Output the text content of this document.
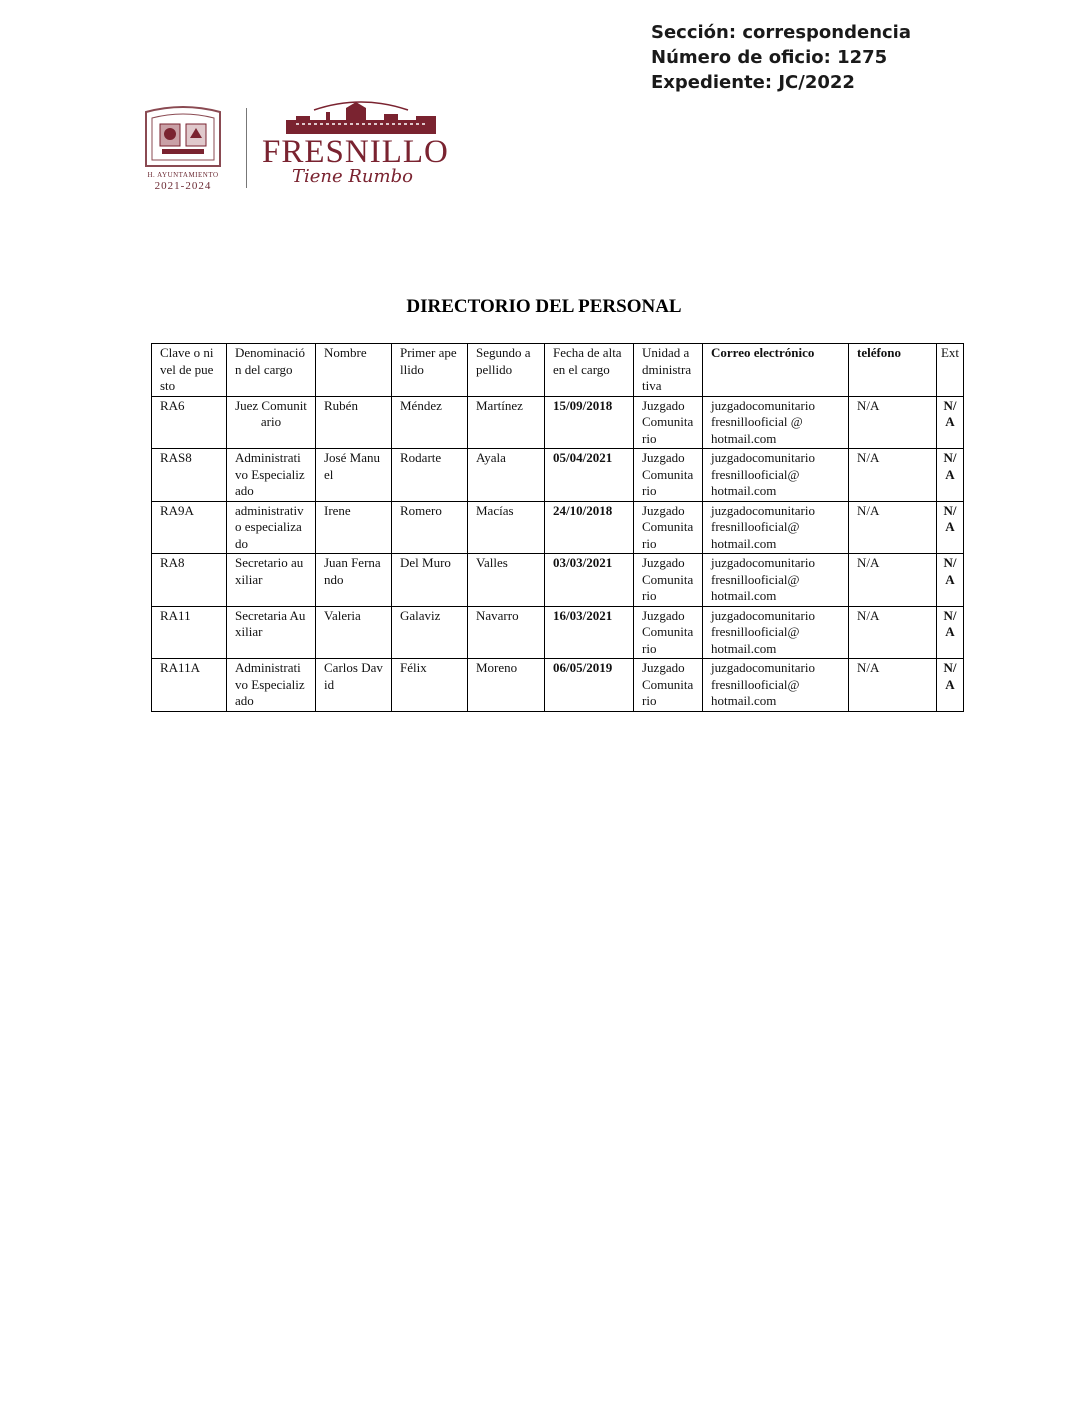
Sección: correspondencia
Número de oficio: 1275
Expediente: JC/2022
H. AYUNTAMIENTO
2021-2024
FRESNILLO
Tiene Rumbo
DIRECTORIO DEL PERSONAL
Clave o nivel de puesto	Denominación del cargo	Nombre	Primer apellido	Segundo apellido	Fecha de alta en el cargo	Unidad administrativa	Correo electrónico	teléfono	Ext
RA6	Juez Comunitario	Rubén	Méndez	Martínez	15/09/2018	Juzgado Comunitario	juzgadocomunitario fresnillooficial @ hotmail.com	N/A	N/A
RAS8	Administrativo Especializado	José Manuel	Rodarte	Ayala	05/04/2021	Juzgado Comunitario	juzgadocomunitario fresnillooficial@ hotmail.com	N/A	N/A
RA9A	administrativo especializado	Irene	Romero	Macías	24/10/2018	Juzgado Comunitario	juzgadocomunitario fresnillooficial@ hotmail.com	N/A	N/A
RA8	Secretario auxiliar	Juan Fernando	Del Muro	Valles	03/03/2021	Juzgado Comunitario	juzgadocomunitario fresnillooficial@ hotmail.com	N/A	N/A
RA11	Secretaria Auxiliar	Valeria	Galaviz	Navarro	16/03/2021	Juzgado Comunitario	juzgadocomunitario fresnillooficial@ hotmail.com	N/A	N/A
RA11A	Administrativo Especializado	Carlos David	Félix	Moreno	06/05/2019	Juzgado Comunitario	juzgadocomunitario fresnillooficial@ hotmail.com	N/A	N/A
